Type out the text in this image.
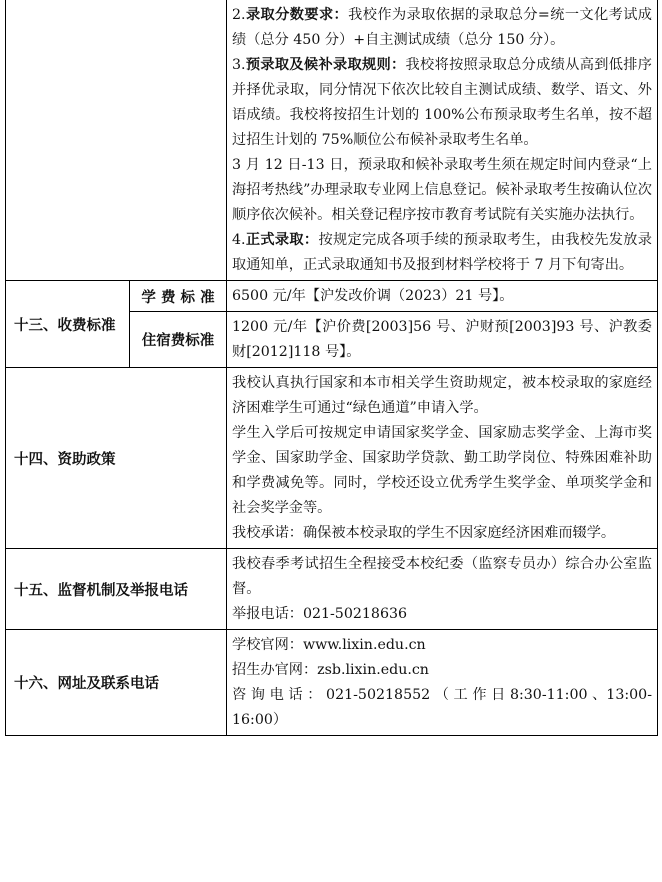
		2.录取分数要求：我校作为录取依据的录取总分=统一文化考试成绩（总分 450 分）+自主测试成绩（总分 150 分）。

3.预录取及候补录取规则：我校将按照录取总分成绩从高到低排序并择优录取，同分情况下依次比较自主测试成绩、数学、语文、外语成绩。我校将按招生计划的 100%公布预录取考生名单，按不超过招生计划的 75%顺位公布候补录取考生名单。

3 月 12 日-13 日，预录取和候补录取考生须在规定时间内登录“上海招考热线”办理录取专业网上信息登记。候补录取考生按确认位次顺序依次候补。相关登记程序按市教育考试院有关实施办法执行。

4.正式录取：按规定完成各项手续的预录取考生，由我校先发放录取通知单，正式录取通知书及报到材料学校将于 7 月下旬寄出。

十三、收费标准	学 费 标 准	6500 元/年【沪发改价调（2023）21 号】。
	住宿费标准	1200 元/年【沪价费[2003]56 号、沪财预[2003]93 号、沪教委财[2012]118 号】。
十四、资助政策		我校认真执行国家和本市相关学生资助规定，被本校录取的家庭经济困难学生可通过“绿色通道”申请入学。

学生入学后可按规定申请国家奖学金、国家励志奖学金、上海市奖学金、国家助学金、国家助学贷款、勤工助学岗位、特殊困难补助和学费减免等。同时，学校还设立优秀学生奖学金、单项奖学金和社会奖学金等。

我校承诺：确保被本校录取的学生不因家庭经济困难而辍学。

十五、监督机制及举报电话		我校春季考试招生全程接受本校纪委（监察专员办）综合办公室监督。

举报电话：021-50218636

十六、网址及联系电话		学校官网：www.lixin.edu.cn

招生办官网：zsb.lixin.edu.cn

咨 询 电 话 ： 021-50218552 （ 工 作 日 8:30-11:00 、13:00-16:00）
